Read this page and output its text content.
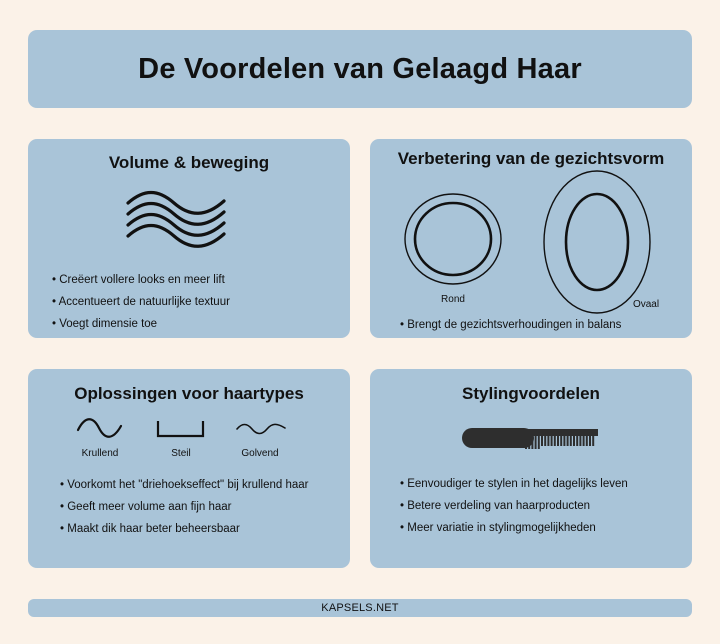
De Voordelen van Gelaagd Haar
Volume & beweging
• Creëert vollere looks en meer lift
• Accentueert de natuurlijke textuur
• Voegt dimensie toe
Verbetering van de gezichtsvorm
Rond	Ovaal
• Brengt de gezichtsverhoudingen in balans
Oplossingen voor haartypes
Krullend	Steil	Golvend
• Voorkomt het "driehoekseffect" bij krullend haar
• Geeft meer volume aan fijn haar
• Maakt dik haar beter beheersbaar
Stylingvoordelen
• Eenvoudiger te stylen in het dagelijks leven
• Betere verdeling van haarproducten
• Meer variatie in stylingmogelijkheden
KAPSELS.NET
